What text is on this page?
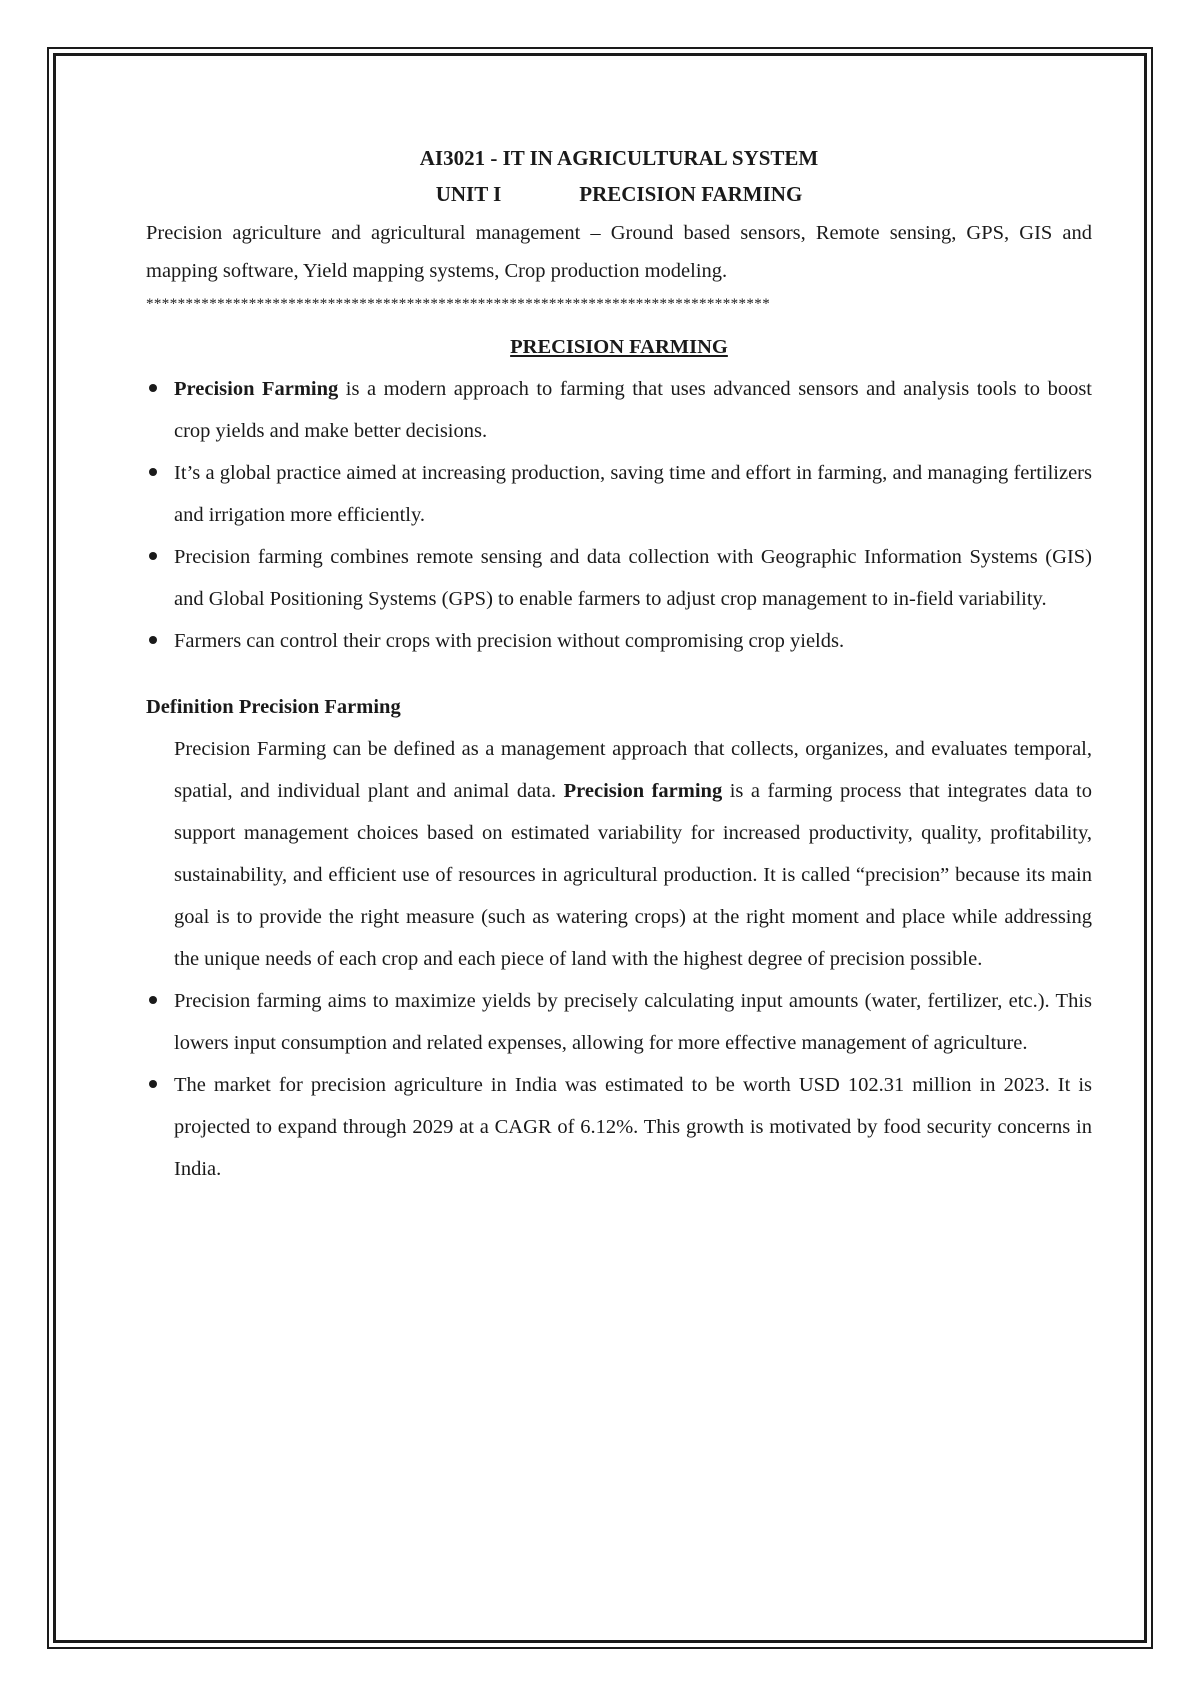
AI3021 - IT IN AGRICULTURAL SYSTEM
UNIT I	PRECISION FARMING
Precision agriculture and agricultural management – Ground based sensors, Remote sensing, GPS, GIS and mapping software, Yield mapping systems, Crop production modeling.
*******************************************************************************
PRECISION FARMING
Precision Farming is a modern approach to farming that uses advanced sensors and analysis tools to boost crop yields and make better decisions.
It’s a global practice aimed at increasing production, saving time and effort in farming, and managing fertilizers and irrigation more efficiently.
Precision farming combines remote sensing and data collection with Geographic Information Systems (GIS) and Global Positioning Systems (GPS) to enable farmers to adjust crop management to in-field variability.
Farmers can control their crops with precision without compromising crop yields.
Definition Precision Farming
Precision Farming can be defined as a management approach that collects, organizes, and evaluates temporal, spatial, and individual plant and animal data. Precision farming is a farming process that integrates data to support management choices based on estimated variability for increased productivity, quality, profitability, sustainability, and efficient use of resources in agricultural production. It is called “precision” because its main goal is to provide the right measure (such as watering crops) at the right moment and place while addressing the unique needs of each crop and each piece of land with the highest degree of precision possible.
Precision farming aims to maximize yields by precisely calculating input amounts (water, fertilizer, etc.). This lowers input consumption and related expenses, allowing for more effective management of agriculture.
The market for precision agriculture in India was estimated to be worth USD 102.31 million in 2023. It is projected to expand through 2029 at a CAGR of 6.12%. This growth is motivated by food security concerns in India.
